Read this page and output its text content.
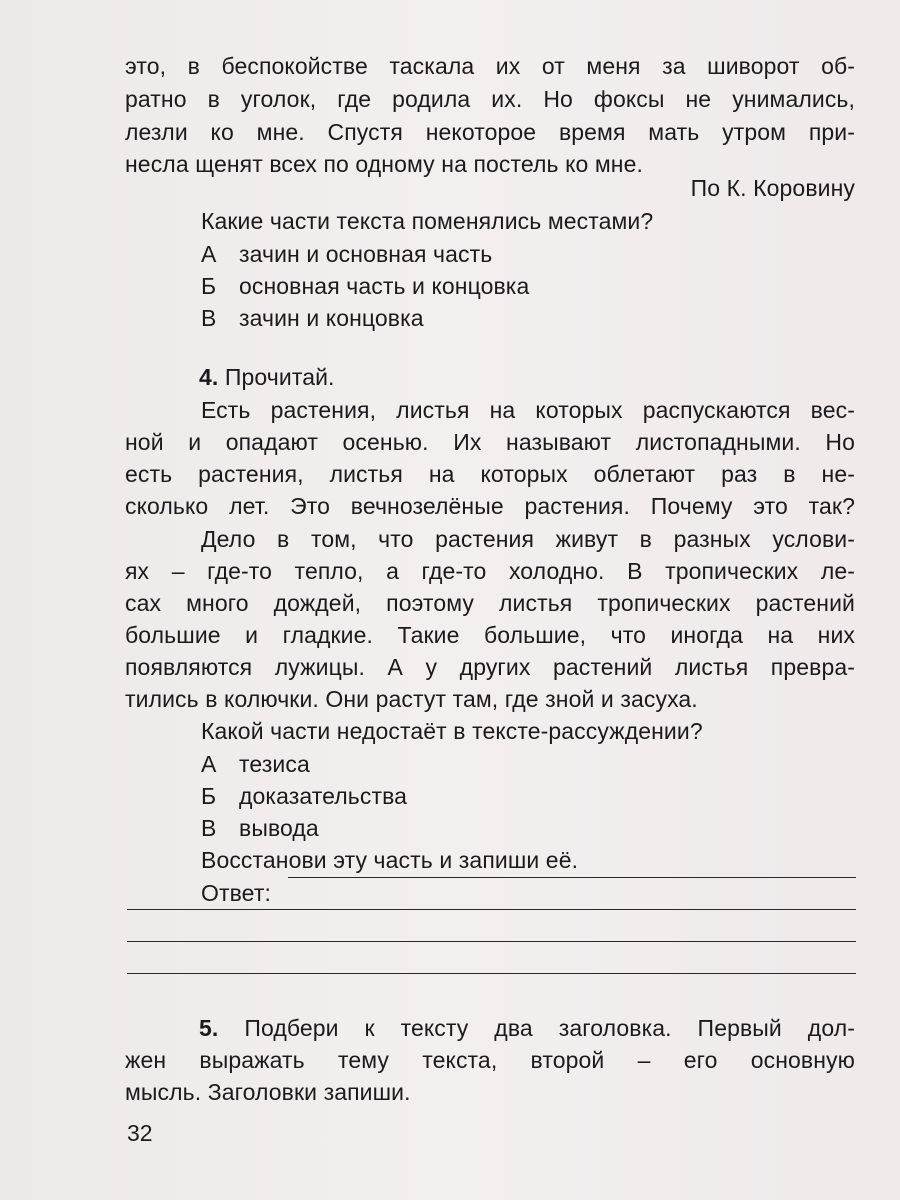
это, в беспокойстве таскала их от меня за шиворот об-
ратно в уголок, где родила их. Но фоксы не унимались,
лезли ко мне. Спустя некоторое время мать утром при-
несла щенят всех по одному на постель ко мне.
По К. Коровину
Какие части текста поменялись местами?
А зачин и основная часть
Б основная часть и концовка
В зачин и концовка
4. Прочитай.
Есть растения, листья на которых распускаются вес-
ной и опадают осенью. Их называют листопадными. Но
есть растения, листья на которых облетают раз в не-
сколько лет. Это вечнозелёные растения. Почему это так?
Дело в том, что растения живут в разных услови-
ях – где-то тепло, а где-то холодно. В тропических ле-
сах много дождей, поэтому листья тропических растений
большие и гладкие. Такие большие, что иногда на них
появляются лужицы. А у других растений листья превра-
тились в колючки. Они растут там, где зной и засуха.
Какой части недостаёт в тексте-рассуждении?
А тезиса
Б доказательства
В вывода
Восстанови эту часть и запиши её.
Ответ:
5. Подбери к тексту два заголовка. Первый дол-
жен выражать тему текста, второй – его основную
мысль. Заголовки запиши.
32
